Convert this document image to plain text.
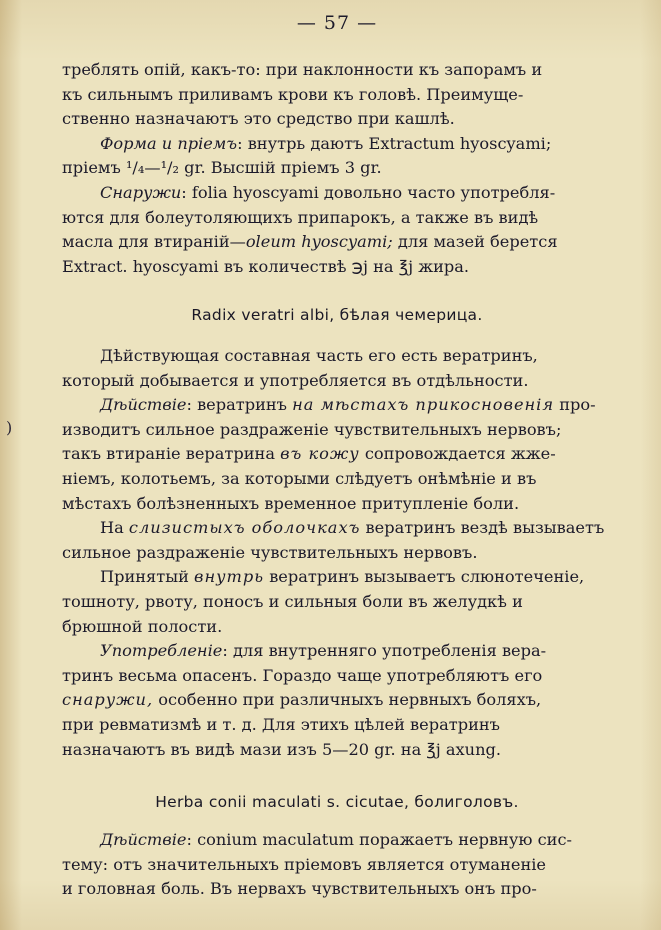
— 57 —

треблять опій, какъ-то: при наклонности къ запорамъ и

къ сильнымъ приливамъ крови къ головѣ. Преимуще-

ственно назначаютъ это средство при кашлѣ.

Форма и пріемъ: внутрь даютъ Extractum hyoscyami;

пріемъ ¹/₄—¹/₂ gr. Высшій пріемъ 3 gr.

Снаружи: folia hyoscyami довольно часто употребля-

ются для болеутоляющихъ припарокъ, а также въ видѣ

масла для втираній—oleum hyoscyami; для мазей берется

Extract. hyoscyami въ количествѣ ℈j на ℥j жира.

Radix veratri albi, бѣлая чемерица.

Дѣйствующая составная часть его есть вератринъ,

который добывается и употребляется въ отдѣльности.

Дѣйствіе: вератринъ на мѣстахъ прикосновенія про-

изводитъ сильное раздраженіе чувствительныхъ нервовъ;

такъ втираніе вератрина въ кожу сопровождается жже-

ніемъ, колотьемъ, за которыми слѣдуетъ онѣмѣніе и въ

мѣстахъ болѣзненныхъ временное притупленіе боли.

На слизистыхъ оболочкахъ вератринъ вездѣ вызываетъ

сильное раздраженіе чувствительныхъ нервовъ.

Принятый внутрь вератринъ вызываетъ слюнотеченіе,

тошноту, рвоту, поносъ и сильныя боли въ желудкѣ и

брюшной полости.

Употребленіе: для внутренняго употребленія вера-

тринъ весьма опасенъ. Гораздо чаще употребляютъ его

снаружи, особенно при различныхъ нервныхъ боляхъ,

при ревматизмѣ и т. д. Для этихъ цѣлей вератринъ

назначаютъ въ видѣ мази изъ 5—20 gr. на ℥j axung.

Herba conii maculati s. cicutae, болиголовъ.

Дѣйствіе: conium maculatum поражаетъ нервную сис-

тему: отъ значительныхъ пріемовъ является отуманеніе

и головная боль. Въ нервахъ чувствительныхъ онъ про-

)
